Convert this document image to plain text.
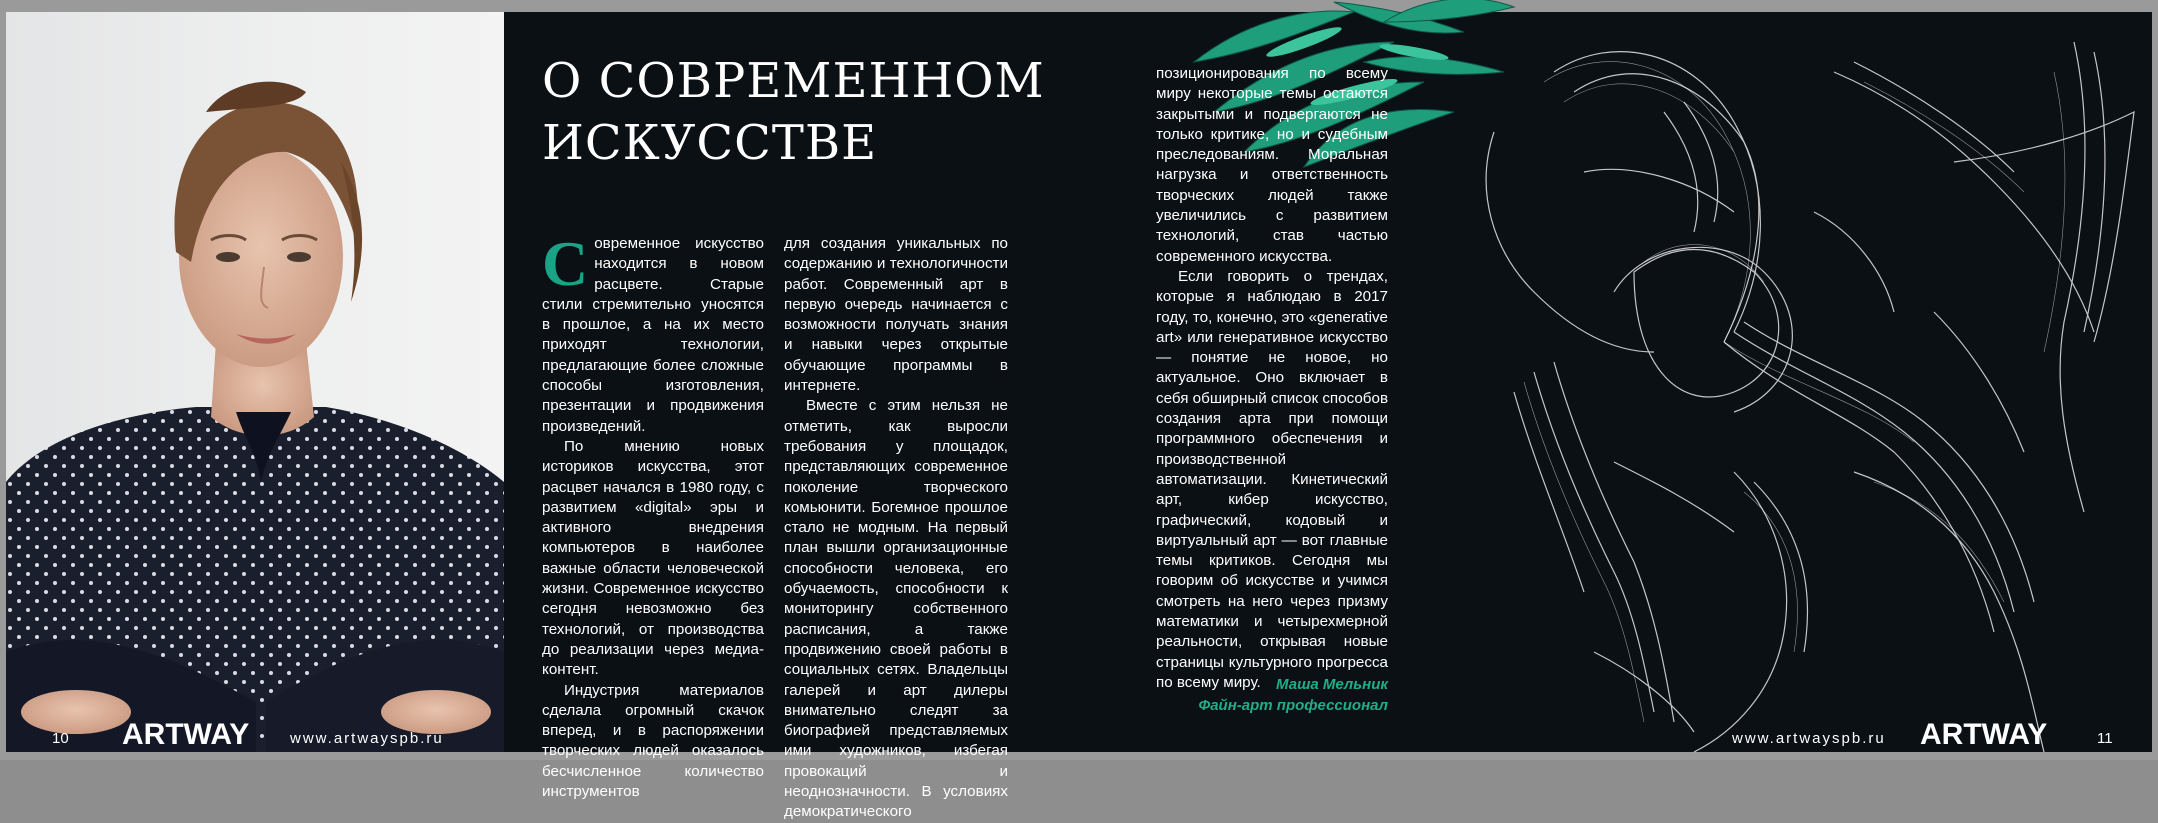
О СОВРЕМЕННОМ
ИСКУССТВЕ

Современное искусство находится в новом расцвете. Старые стили стремительно уносятся в прошлое, а на их место приходят технологии, предлагающие более сложные способы изготовления, презентации и продвижения произведений.

По мнению новых историков искусства, этот расцвет начался в 1980 году, с развитием «digital» эры и активного внедрения компьютеров в наиболее важные области человеческой жизни. Современное искусство сегодня невозможно без технологий, от производства до реализации через медиа-контент.

Индустрия материалов сделала огромный скачок вперед, и в распоряжении творческих людей оказалось бесчисленное количество инструментов

для создания уникальных по содержанию и технологичности работ. Современный арт в первую очередь начинается с возможности получать знания и навыки через открытые обучающие программы в интернете.

Вместе с этим нельзя не отметить, как выросли требования у площадок, представляющих современное поколение творческого комьюнити. Богемное прошлое стало не модным. На первый план вышли организационные способности человека, его обучаемость, способности к мониторингу собственного расписания, а также продвижению своей работы в социальных сетях. Владельцы галерей и арт дилеры внимательно следят за биографией представляемых ими художников, избегая провокаций и неоднозначности. В условиях демократического

позиционирования по всему миру некоторые темы остаются закрытыми и подвергаются не только критике, но и судебным преследованиям. Моральная нагрузка и ответственность творческих людей также увеличились с развитием технологий, став частью современного искусства.

Если говорить о трендах, которые я наблюдаю в 2017 году, то, конечно, это «generative art» или генеративное искусство — понятие не новое, но актуальное. Оно включает в себя обширный список способов создания арта при помощи программного обеспечения и производственной автоматизации. Кинетический арт, кибер искусство, графический, кодовый и виртуальный арт — вот главные темы критиков. Сегодня мы говорим об искусстве и учимся смотреть на него через призму математики и четырехмерной реальности, открывая новые страницы культурного прогресса по всему миру.	Маша Мельник
Файн-арт профессионал
10 ARTWAY	www.artwayspb.ru	www.artwayspb.ru ARTWAY	11
